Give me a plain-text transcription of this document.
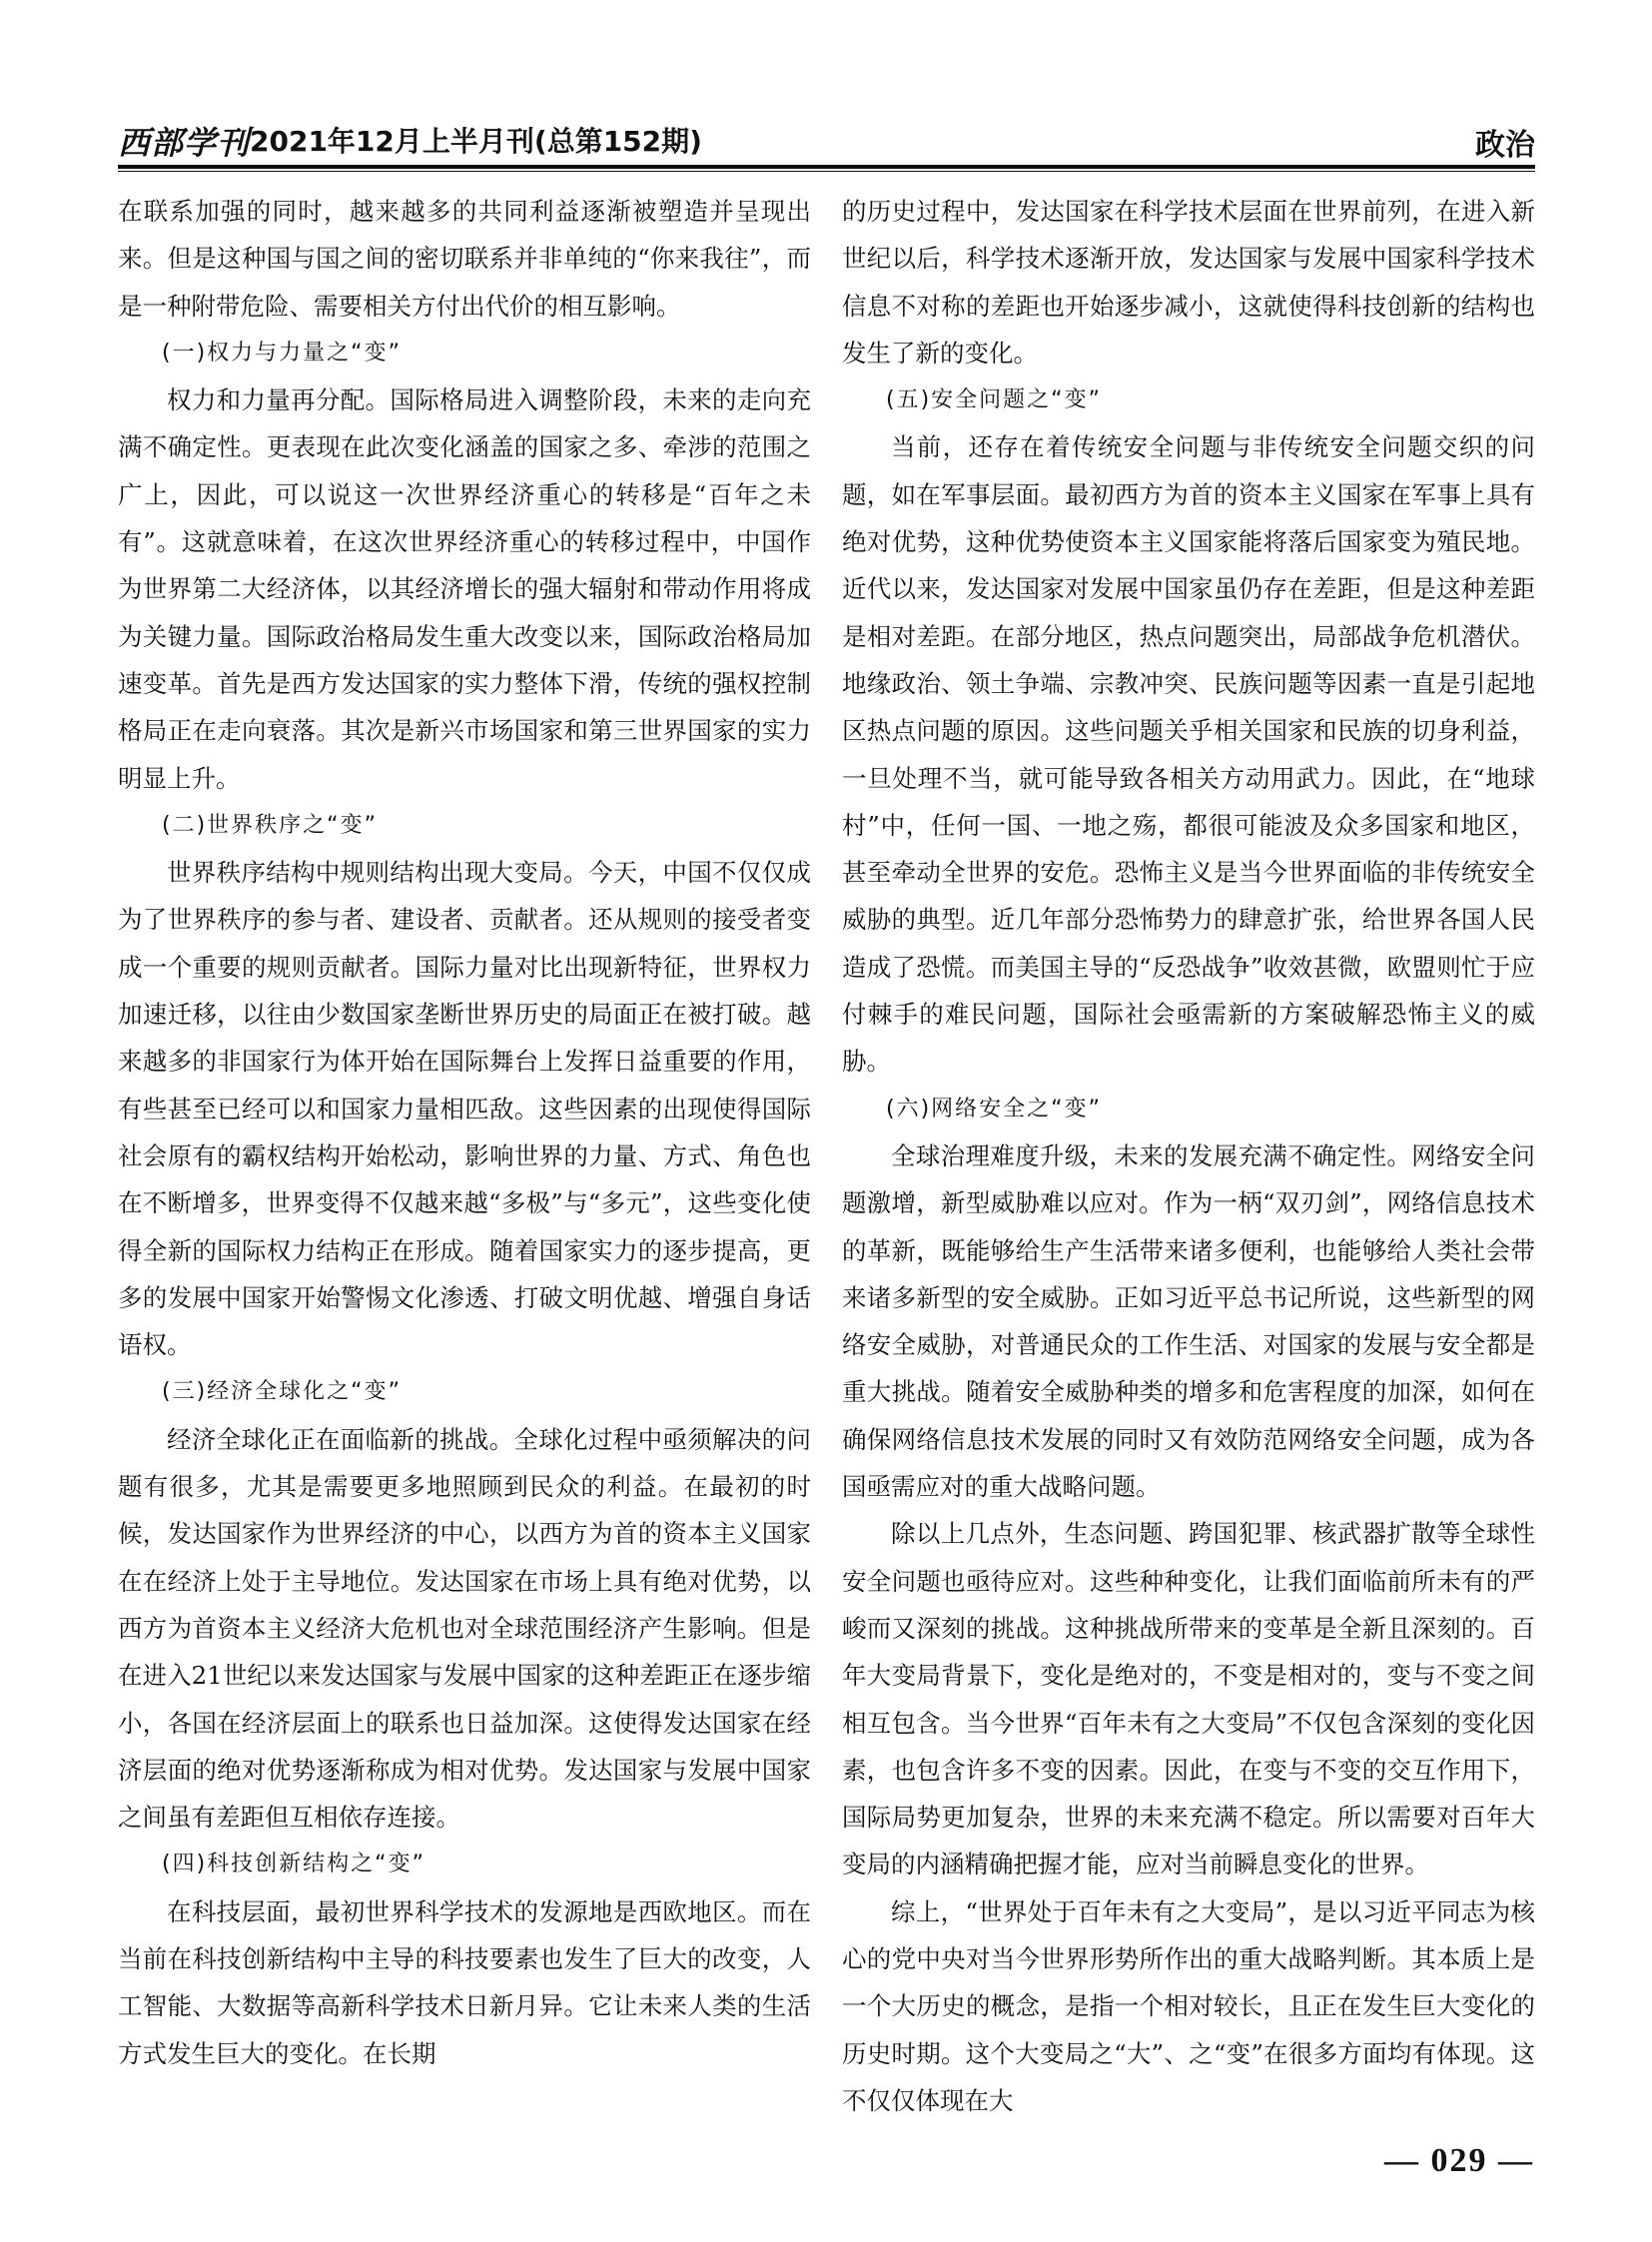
西部学刊 2021年12月上半月刊(总第152期)	政治

在联系加强的同时，越来越多的共同利益逐渐被塑造并呈现出来。但是这种国与国之间的密切联系并非单纯的“你来我往”，而是一种附带危险、需要相关方付出代价的相互影响。

(一)权力与力量之“变”

权力和力量再分配。国际格局进入调整阶段，未来的走向充满不确定性。更表现在此次变化涵盖的国家之多、牵涉的范围之广上，因此，可以说这一次世界经济重心的转移是“百年之未有”。这就意味着，在这次世界经济重心的转移过程中，中国作为世界第二大经济体，以其经济增长的强大辐射和带动作用将成为关键力量。国际政治格局发生重大改变以来，国际政治格局加速变革。首先是西方发达国家的实力整体下滑，传统的强权控制格局正在走向衰落。其次是新兴市场国家和第三世界国家的实力明显上升。

(二)世界秩序之“变”

世界秩序结构中规则结构出现大变局。今天，中国不仅仅成为了世界秩序的参与者、建设者、贡献者。还从规则的接受者变成一个重要的规则贡献者。国际力量对比出现新特征，世界权力加速迁移，以往由少数国家垄断世界历史的局面正在被打破。越来越多的非国家行为体开始在国际舞台上发挥日益重要的作用，有些甚至已经可以和国家力量相匹敌。这些因素的出现使得国际社会原有的霸权结构开始松动，影响世界的力量、方式、角色也在不断增多，世界变得不仅越来越“多极”与“多元”，这些变化使得全新的国际权力结构正在形成。随着国家实力的逐步提高，更多的发展中国家开始警惕文化渗透、打破文明优越、增强自身话语权。

(三)经济全球化之“变”

经济全球化正在面临新的挑战。全球化过程中亟须解决的问题有很多，尤其是需要更多地照顾到民众的利益。在最初的时候，发达国家作为世界经济的中心，以西方为首的资本主义国家在在经济上处于主导地位。发达国家在市场上具有绝对优势，以西方为首资本主义经济大危机也对全球范围经济产生影响。但是在进入21世纪以来发达国家与发展中国家的这种差距正在逐步缩小，各国在经济层面上的联系也日益加深。这使得发达国家在经济层面的绝对优势逐渐称成为相对优势。发达国家与发展中国家之间虽有差距但互相依存连接。

(四)科技创新结构之“变”

在科技层面，最初世界科学技术的发源地是西欧地区。而在当前在科技创新结构中主导的科技要素也发生了巨大的改变，人工智能、大数据等高新科学技术日新月异。它让未来人类的生活方式发生巨大的变化。在长期

的历史过程中，发达国家在科学技术层面在世界前列，在进入新世纪以后，科学技术逐渐开放，发达国家与发展中国家科学技术信息不对称的差距也开始逐步减小，这就使得科技创新的结构也发生了新的变化。

(五)安全问题之“变”

当前，还存在着传统安全问题与非传统安全问题交织的问题，如在军事层面。最初西方为首的资本主义国家在军事上具有绝对优势，这种优势使资本主义国家能将落后国家变为殖民地。近代以来，发达国家对发展中国家虽仍存在差距，但是这种差距是相对差距。在部分地区，热点问题突出，局部战争危机潜伏。地缘政治、领土争端、宗教冲突、民族问题等因素一直是引起地区热点问题的原因。这些问题关乎相关国家和民族的切身利益，一旦处理不当，就可能导致各相关方动用武力。因此，在“地球村”中，任何一国、一地之殇，都很可能波及众多国家和地区，甚至牵动全世界的安危。恐怖主义是当今世界面临的非传统安全威胁的典型。近几年部分恐怖势力的肆意扩张，给世界各国人民造成了恐慌。而美国主导的“反恐战争”收效甚微，欧盟则忙于应付棘手的难民问题，国际社会亟需新的方案破解恐怖主义的威胁。

(六)网络安全之“变”

全球治理难度升级，未来的发展充满不确定性。网络安全问题激增，新型威胁难以应对。作为一柄“双刃剑”，网络信息技术的革新，既能够给生产生活带来诸多便利，也能够给人类社会带来诸多新型的安全威胁。正如习近平总书记所说，这些新型的网络安全威胁，对普通民众的工作生活、对国家的发展与安全都是重大挑战。随着安全威胁种类的增多和危害程度的加深，如何在确保网络信息技术发展的同时又有效防范网络安全问题，成为各国亟需应对的重大战略问题。

除以上几点外，生态问题、跨国犯罪、核武器扩散等全球性安全问题也亟待应对。这些种种变化，让我们面临前所未有的严峻而又深刻的挑战。这种挑战所带来的变革是全新且深刻的。百年大变局背景下，变化是绝对的，不变是相对的，变与不变之间相互包含。当今世界“百年未有之大变局”不仅包含深刻的变化因素，也包含许多不变的因素。因此，在变与不变的交互作用下，国际局势更加复杂，世界的未来充满不稳定。所以需要对百年大变局的内涵精确把握才能，应对当前瞬息变化的世界。

综上，“世界处于百年未有之大变局”，是以习近平同志为核心的党中央对当今世界形势所作出的重大战略判断。其本质上是一个大历史的概念，是指一个相对较长，且正在发生巨大变化的历史时期。这个大变局之“大”、之“变”在很多方面均有体现。这不仅仅体现在大

— 029 —
